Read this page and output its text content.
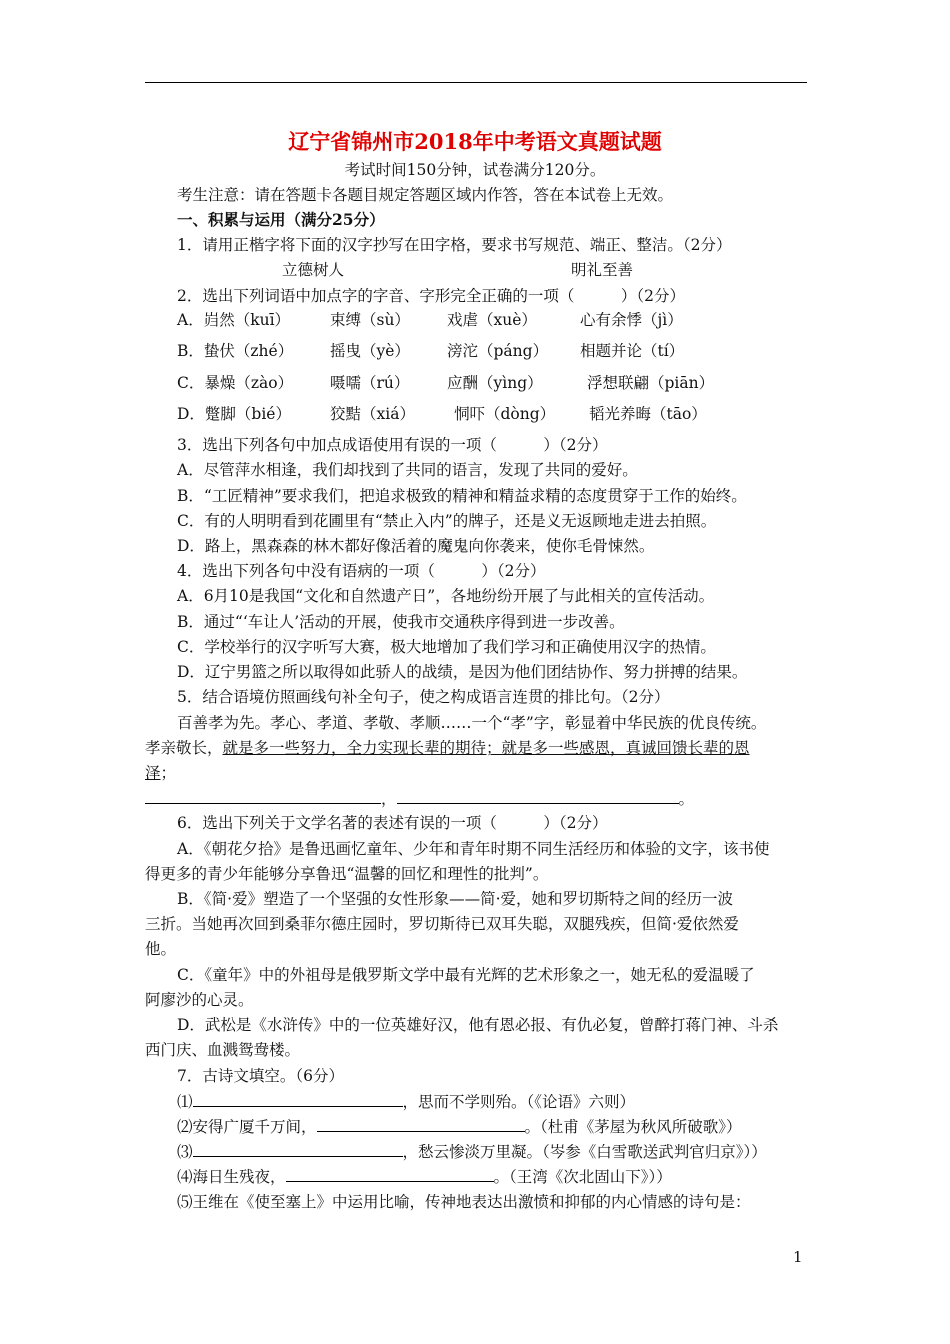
辽宁省锦州市2018年中考语文真题试题
考试时间150分钟，试卷满分120分。
考生注意：请在答题卡各题目规定答题区域内作答，答在本试卷上无效。
一、积累与运用（满分25分）
1．请用正楷字将下面的汉字抄写在田字格，要求书写规范、端正、整洁。（2分）
立德树人	明礼至善
2．选出下列词语中加点字的字音、字形完全正确的一项（　　　）（2分）
A．岿然（kuī）	束缚（sù） 戏虐（xuè）	心有余悸（jì）
B．蛰伏（zhé） 摇曳（yè） 滂沱（páng） 相题并论（tí）
C．暴燥（zào） 嗫嚅（rú） 应酬（yìng）	浮想联翩（piān）
D．蹩脚（bié）	狡黠（xiá）	恫吓（dòng） 韬光养晦（tāo）
3．选出下列各句中加点成语使用有误的一项（　　　）（2分）
A．尽管萍水相逢，我们却找到了共同的语言，发现了共同的爱好。
B．“工匠精神”要求我们，把追求极致的精神和精益求精的态度贯穿于工作的始终。
C．有的人明明看到花圃里有“禁止入内”的牌子，还是义无返顾地走进去拍照。
D．路上，黑森森的林木都好像活着的魔鬼向你袭来，使你毛骨悚然。
4．选出下列各句中没有语病的一项（　　　）（2分）
A．6月10是我国“文化和自然遗产日”，各地纷纷开展了与此相关的宣传活动。
B．通过“‘车让人’活动的开展，使我市交通秩序得到进一步改善。
C．学校举行的汉字听写大赛，极大地增加了我们学习和正确使用汉字的热情。
D．辽宁男篮之所以取得如此骄人的战绩，是因为他们团结协作、努力拼搏的结果。
5．结合语境仿照画线句补全句子，使之构成语言连贯的排比句。（2分）
百善孝为先。孝心、孝道、孝敬、孝顺……一个“孝”字，彰显着中华民族的优良传统。
孝亲敬长，就是多一些努力，全力实现长辈的期待；就是多一些感恩，真诚回馈长辈的恩
泽；
，	。
6．选出下列关于文学名著的表述有误的一项（　　　）（2分）
A．《朝花夕拾》是鲁迅画忆童年、少年和青年时期不同生活经历和体验的文字，该书使
得更多的青少年能够分享鲁迅“温馨的回忆和理性的批判”。
B．《简·爱》塑造了一个坚强的女性形象——简·爱，她和罗切斯特之间的经历一波
三折。当她再次回到桑菲尔德庄园时，罗切斯待已双耳失聪，双腿残疾，但简·爱依然爱
他。
C．《童年》中的外祖母是俄罗斯文学中最有光辉的艺术形象之一，她无私的爱温暖了
阿廖沙的心灵。
D．武松是《水浒传》中的一位英雄好汉，他有恩必报、有仇必复，曾醉打蒋门神、斗杀
西门庆、血溅鸳鸯楼。
7．古诗文填空。（6分）
⑴	，思而不学则殆。（《论语》六则）
⑵安得广厦千万间，	。（杜甫《茅屋为秋风所破歌》）
⑶	，愁云惨淡万里凝。（岑参《白雪歌送武判官归京》））
⑷海日生残夜，	。（王湾《次北固山下》））
⑸王维在《使至塞上》中运用比喻，传神地表达出激愤和抑郁的内心情感的诗句是：
1
